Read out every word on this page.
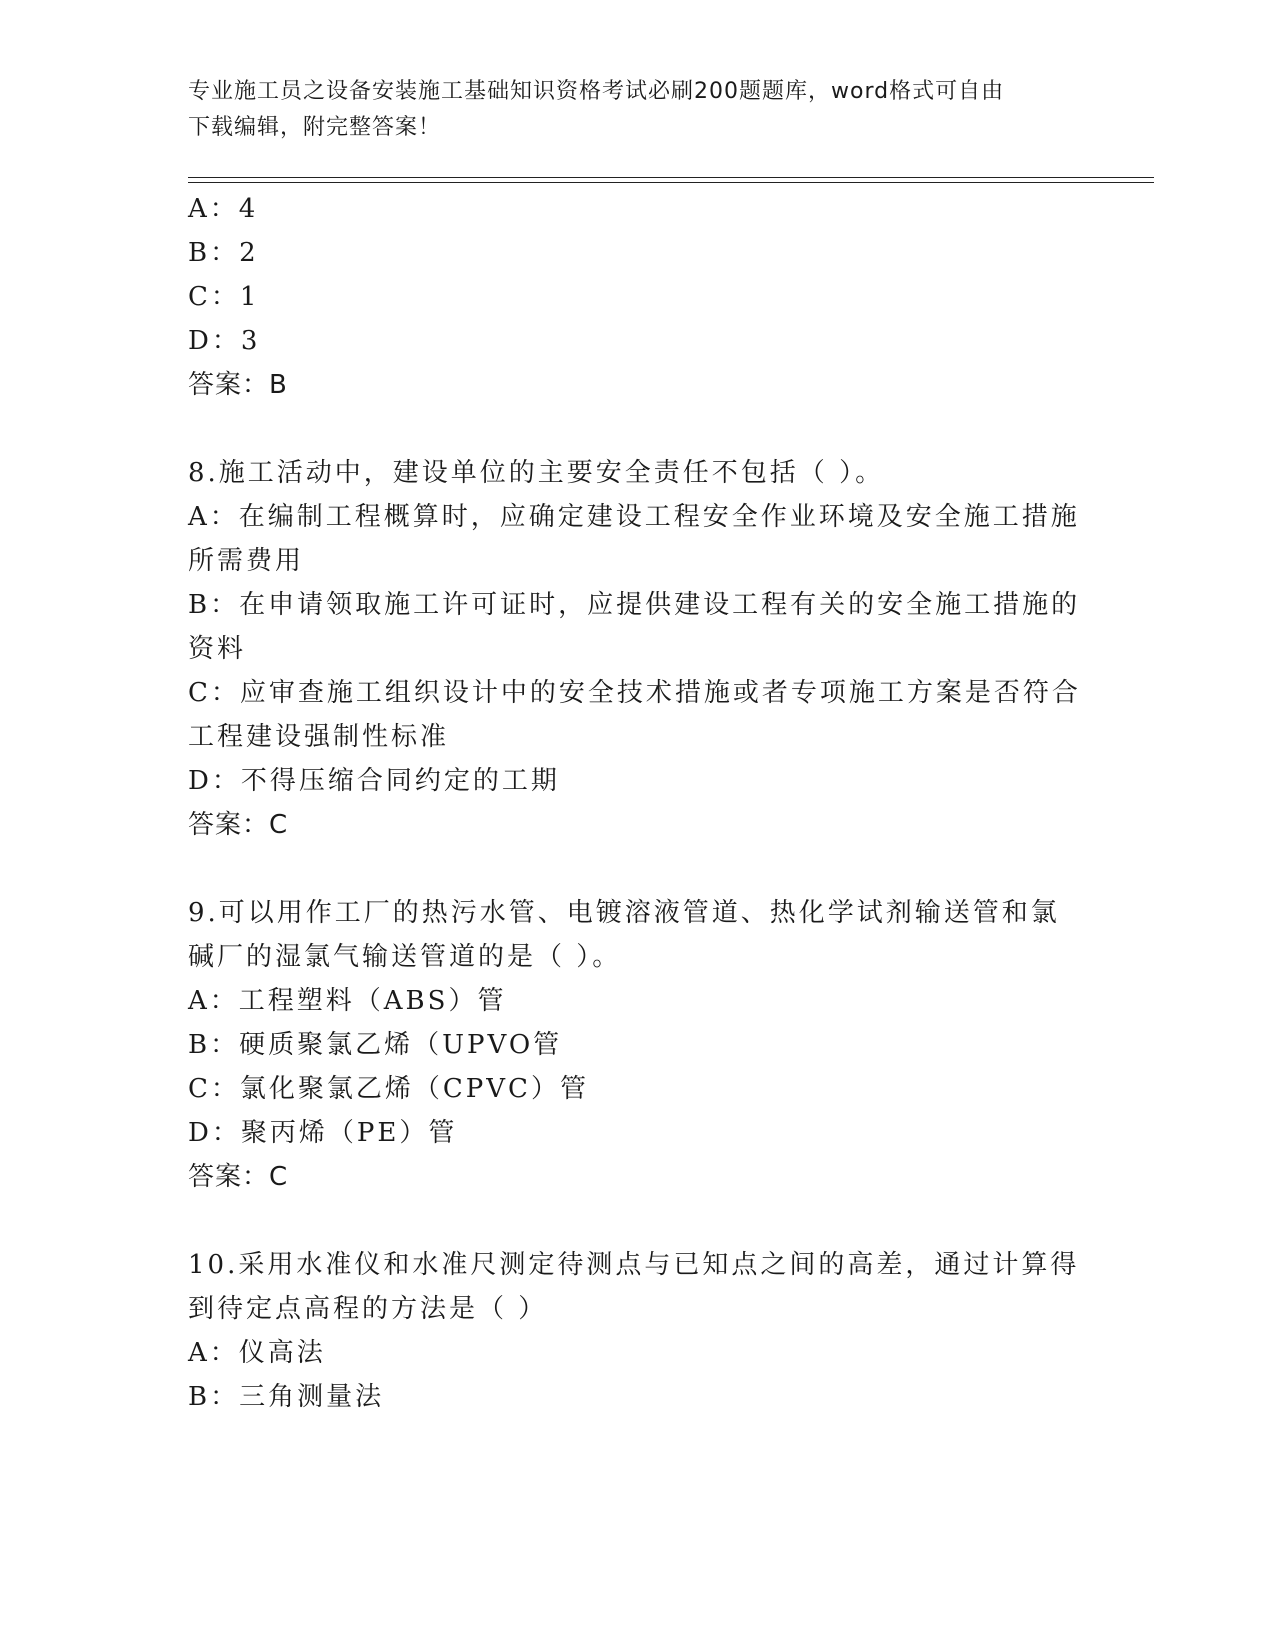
专业施工员之设备安装施工基础知识资格考试必刷200题题库，word格式可自由
下载编辑，附完整答案！
A：4
B：2
C：1
D：3
答案：B
8.施工活动中，建设单位的主要安全责任不包括（ ）。
A：在编制工程概算时，应确定建设工程安全作业环境及安全施工措施
所需费用
B：在申请领取施工许可证时，应提供建设工程有关的安全施工措施的
资料
C：应审查施工组织设计中的安全技术措施或者专项施工方案是否符合
工程建设强制性标准
D：不得压缩合同约定的工期
答案：C
9.可以用作工厂的热污水管、电镀溶液管道、热化学试剂输送管和氯
碱厂的湿氯气输送管道的是（ ）。
A：工程塑料（ABS）管
B：硬质聚氯乙烯（UPVO管
C：氯化聚氯乙烯（CPVC）管
D：聚丙烯（PE）管
答案：C
10.采用水准仪和水准尺测定待测点与已知点之间的高差，通过计算得
到待定点高程的方法是（ ）
A：仪高法
B：三角测量法
